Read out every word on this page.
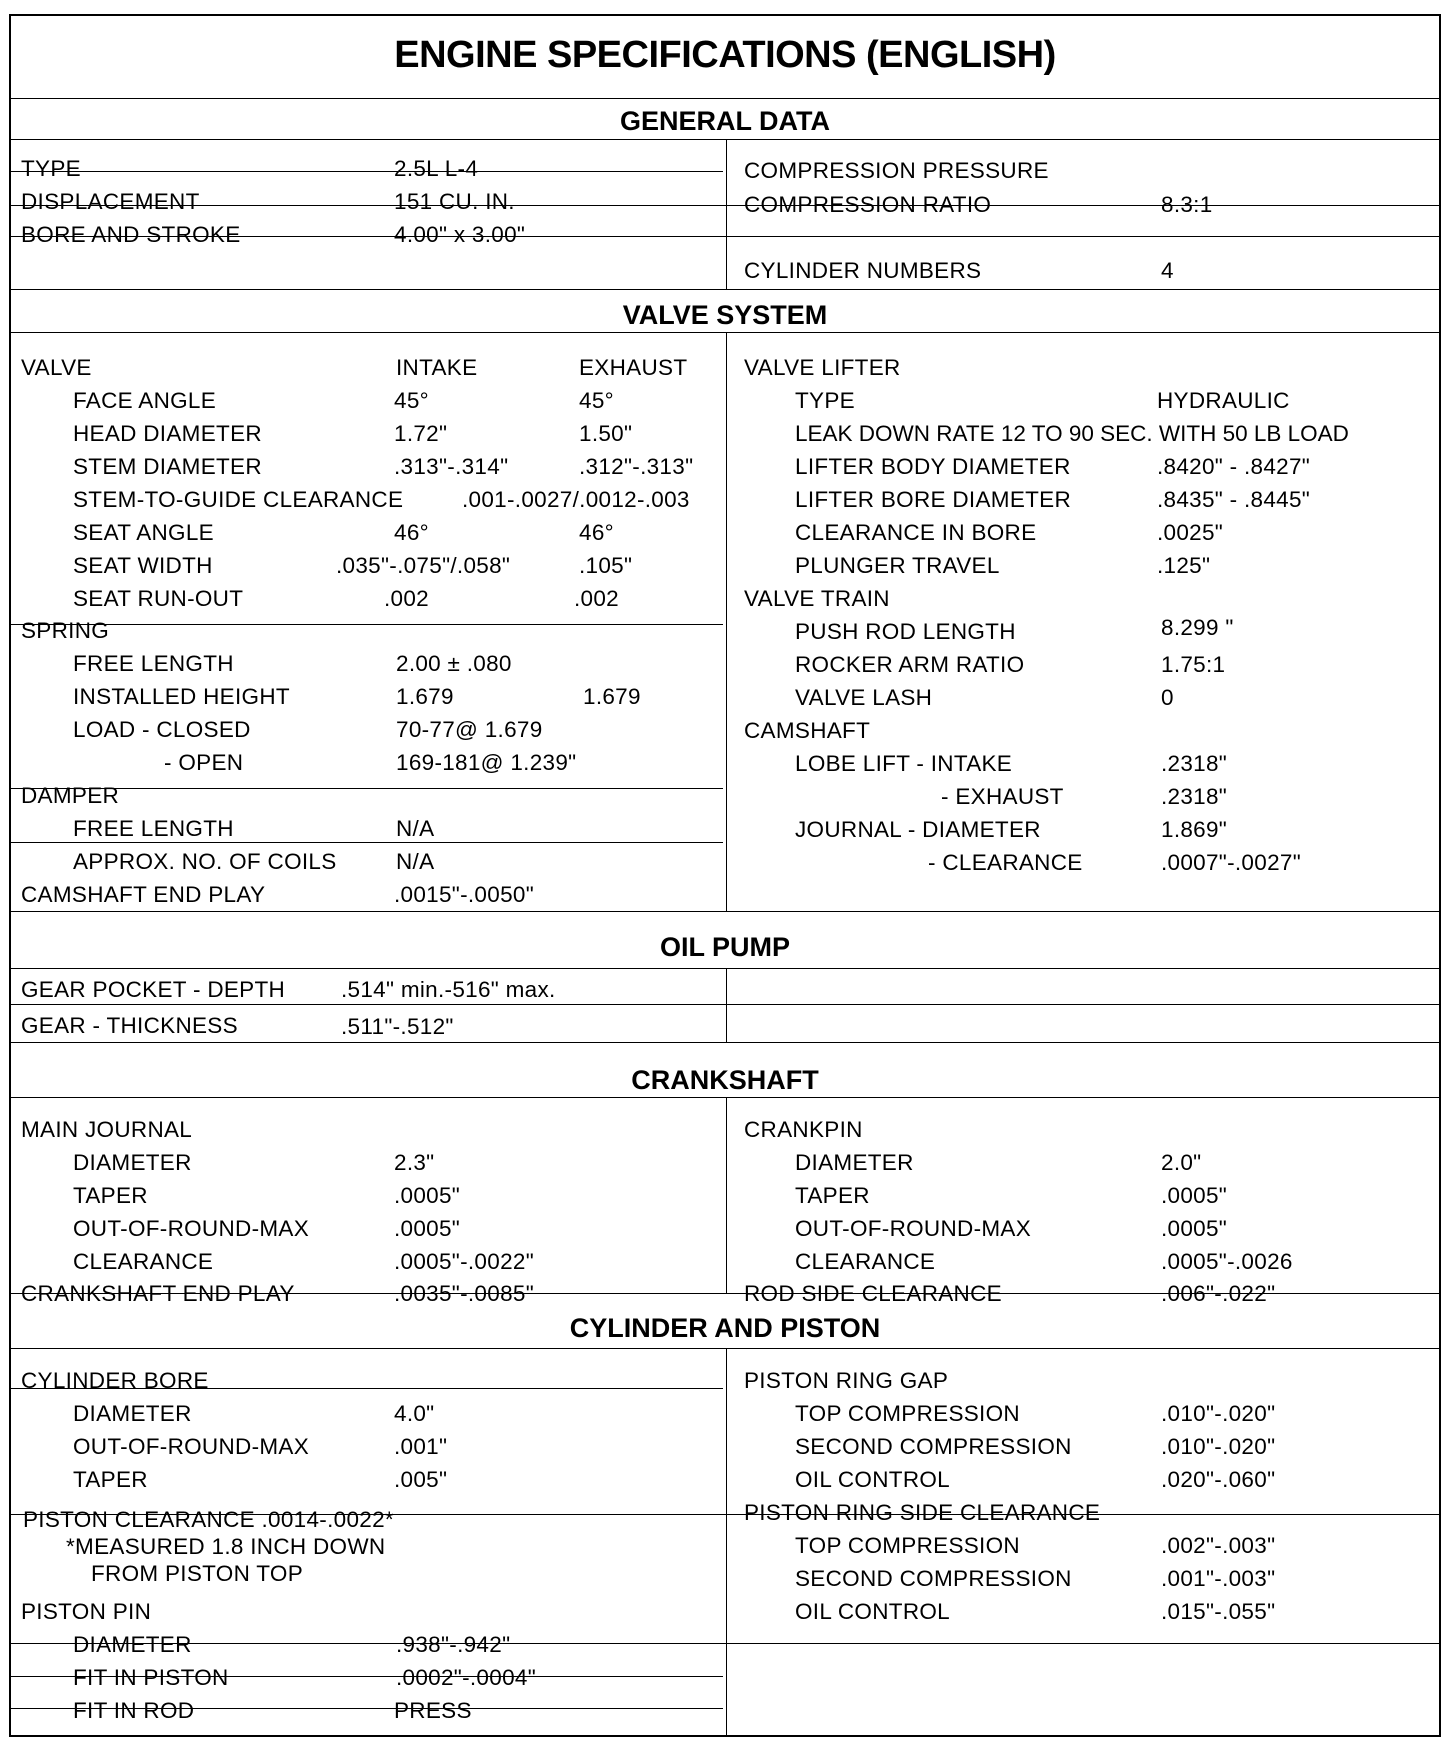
ENGINE SPECIFICATIONS (ENGLISH)
GENERAL DATA
VALVE SYSTEM
OIL PUMP
CRANKSHAFT
CYLINDER AND PISTON
TYPE	2.5L L-4
DISPLACEMENT	151 CU. IN.
BORE AND STROKE	4.00" x 3.00"
COMPRESSION PRESSURE
COMPRESSION RATIO	8.3:1
CYLINDER NUMBERS	4
VALVE	INTAKE	EXHAUST
FACE ANGLE	45°	45°
HEAD DIAMETER	1.72"	1.50"
STEM DIAMETER	.313"-.314"	.312"-.313"
STEM-TO-GUIDE CLEARANCE	.001-.0027/.0012-.003
SEAT ANGLE	46°	46°
SEAT WIDTH	.035"-.075"/.058"	.105"
SEAT RUN-OUT	.002	.002
SPRING
FREE LENGTH	2.00 ± .080
INSTALLED HEIGHT	1.679	1.679
LOAD - CLOSED	70-77@ 1.679
- OPEN	169-181@ 1.239"
DAMPER
FREE LENGTH	N/A
APPROX. NO. OF COILS	N/A
CAMSHAFT END PLAY	.0015"-.0050"
VALVE LIFTER
TYPE	HYDRAULIC
LEAK DOWN RATE 12 TO 90 SEC. WITH 50 LB LOAD
LIFTER BODY DIAMETER	.8420" - .8427"
LIFTER BORE DIAMETER	.8435" - .8445"
CLEARANCE IN BORE	.0025"
PLUNGER TRAVEL	.125"
VALVE TRAIN
PUSH ROD LENGTH	8.299 "
ROCKER ARM RATIO	1.75:1
VALVE LASH	0
CAMSHAFT
LOBE LIFT - INTAKE	.2318"
- EXHAUST	.2318"
JOURNAL - DIAMETER	1.869"
- CLEARANCE	.0007"-.0027"
GEAR POCKET - DEPTH .514" min.-516" max.
GEAR - THICKNESS	.511"-.512"
MAIN JOURNAL
DIAMETER	2.3"
TAPER	.0005"
OUT-OF-ROUND-MAX	.0005"
CLEARANCE	.0005"-.0022"
CRANKSHAFT END PLAY	.0035"-.0085"
CRANKPIN
DIAMETER	2.0"
TAPER	.0005"
OUT-OF-ROUND-MAX	.0005"
CLEARANCE	.0005"-.0026
ROD SIDE CLEARANCE	.006"-.022"
CYLINDER BORE
DIAMETER	4.0"
OUT-OF-ROUND-MAX	.001"
TAPER	.005"
PISTON CLEARANCE .0014-.0022*
*MEASURED 1.8 INCH DOWN
FROM PISTON TOP
PISTON PIN
DIAMETER	.938"-.942"
FIT IN PISTON	.0002"-.0004"
FIT IN ROD	PRESS
PISTON RING GAP
TOP COMPRESSION	.010"-.020"
SECOND COMPRESSION	.010"-.020"
OIL CONTROL	.020"-.060"
PISTON RING SIDE CLEARANCE
TOP COMPRESSION	.002"-.003"
SECOND COMPRESSION	.001"-.003"
OIL CONTROL	.015"-.055"
